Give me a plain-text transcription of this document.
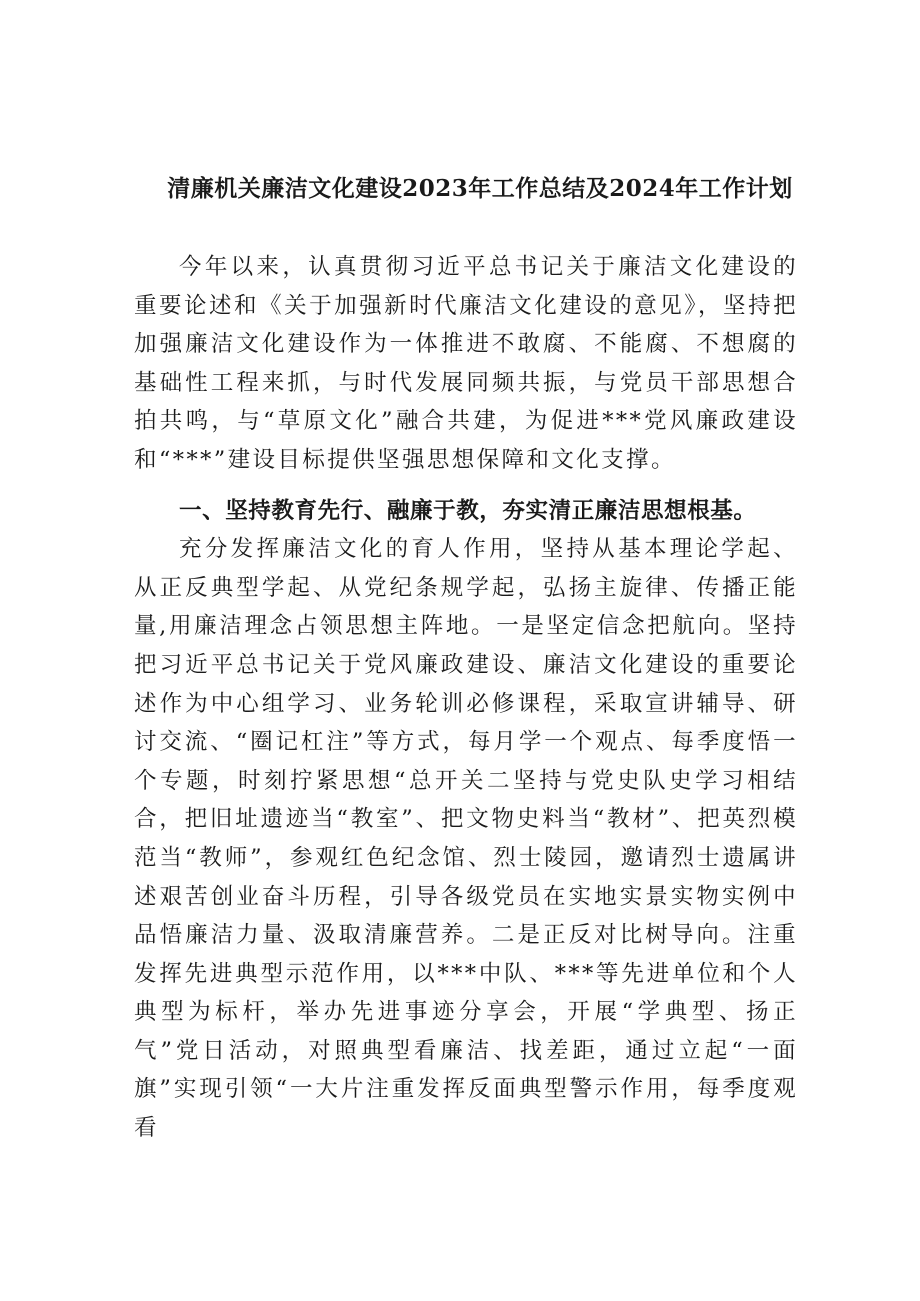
清廉机关廉洁文化建设2023年工作总结及2024年工作计划

今年以来，认真贯彻习近平总书记关于廉洁文化建设的重要论述和《关于加强新时代廉洁文化建设的意见》，坚持把加强廉洁文化建设作为一体推进不敢腐、不能腐、不想腐的基础性工程来抓，与时代发展同频共振，与党员干部思想合拍共鸣，与“草原文化”融合共建，为促进***党风廉政建设和“***”建设目标提供坚强思想保障和文化支撑。

一、坚持教育先行、融廉于教，夯实清正廉洁思想根基。

充分发挥廉洁文化的育人作用，坚持从基本理论学起、从正反典型学起、从党纪条规学起，弘扬主旋律、传播正能量,用廉洁理念占领思想主阵地。一是坚定信念把航向。坚持把习近平总书记关于党风廉政建设、廉洁文化建设的重要论述作为中心组学习、业务轮训必修课程，采取宣讲辅导、研讨交流、“圈记杠注”等方式，每月学一个观点、每季度悟一个专题，时刻拧紧思想“总开关二坚持与党史队史学习相结合，把旧址遗迹当“教室”、把文物史料当“教材”、把英烈模范当“教师”，参观红色纪念馆、烈士陵园，邀请烈士遗属讲述艰苦创业奋斗历程，引导各级党员在实地实景实物实例中品悟廉洁力量、汲取清廉营养。二是正反对比树导向。注重发挥先进典型示范作用，以***中队、***等先进单位和个人典型为标杆，举办先进事迹分享会，开展“学典型、扬正气”党日活动，对照典型看廉洁、找差距，通过立起“一面旗”实现引领“一大片注重发挥反面典型警示作用，每季度观看
